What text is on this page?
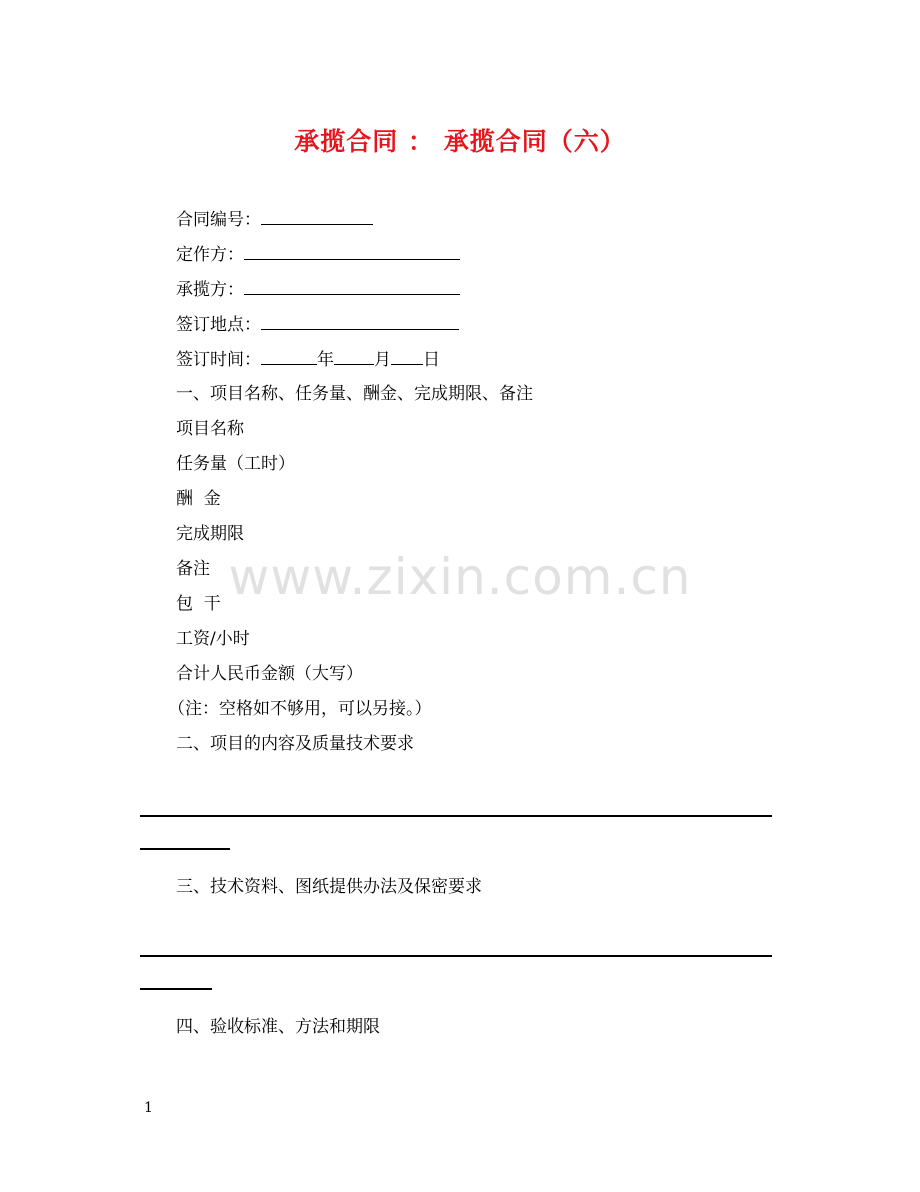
承揽合同 ： 承揽合同（六）
合同编号：
定作方：
承揽方：
签订地点：
签订时间：	年 月 日
一、项目名称、任务量、酬金、完成期限、备注
项目名称
任务量（工时）
酬  金
完成期限
备注
包  干
工资/小时
合计人民币金额（大写）
（注：空格如不够用，可以另接。）
二、项目的内容及质量技术要求
三、技术资料、图纸提供办法及保密要求
四、验收标准、方法和期限
www.zixin.com.cn
1
